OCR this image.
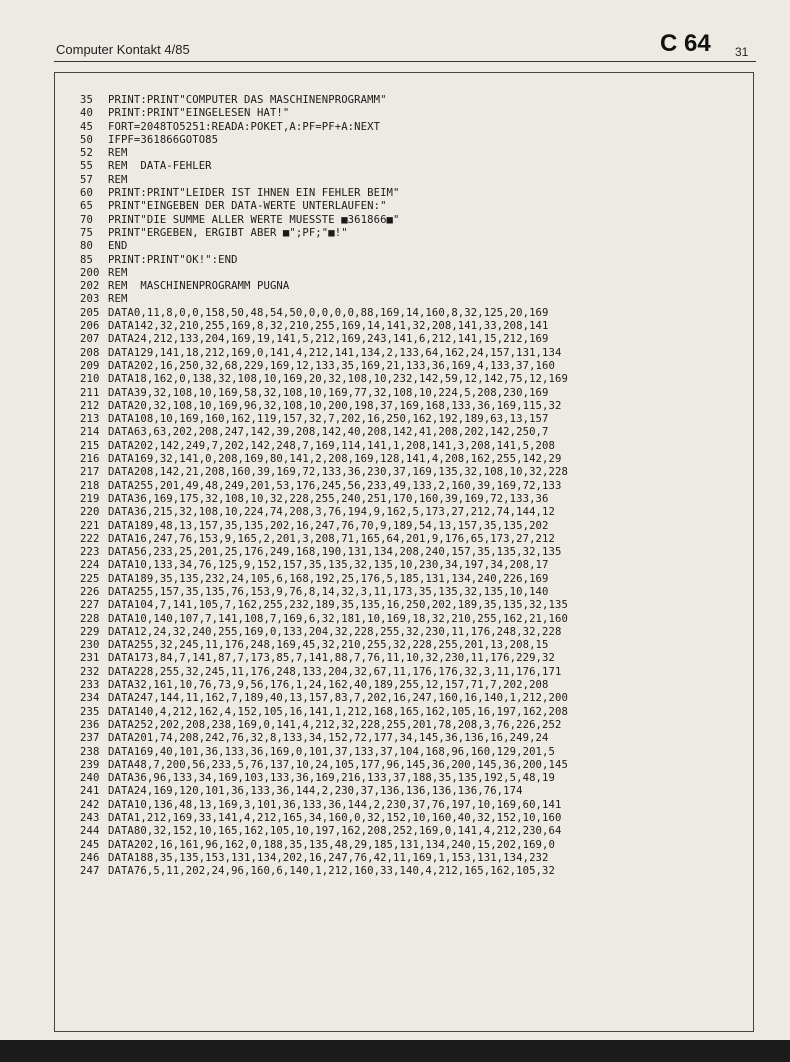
Computer Kontakt 4/85	C 64 31
35 PRINT:PRINT"COMPUTER DAS MASCHINENPROGRAMM"
40 PRINT:PRINT"EINGELESEN HAT!"
45 FORT=2048TO5251:READA:POKET,A:PF=PF+A:NEXT
50 IFPF=361866GOTO85
52 REM
55 REM  DATA-FEHLER
57 REM
60 PRINT:PRINT"LEIDER IST IHNEN EIN FEHLER BEIM"
65 PRINT"EINGEBEN DER DATA-WERTE UNTERLAUFEN:"
70 PRINT"DIE SUMME ALLER WERTE MUESSTE ■361866■"
75 PRINT"ERGEBEN, ERGIBT ABER ■";PF;"■!"
80 END
85 PRINT:PRINT"OK!":END
200 REM
202 REM  MASCHINENPROGRAMM PUGNA
203 REM
205 DATA0,11,8,0,0,158,50,48,54,50,0,0,0,0,88,169,14,160,8,32,125,20,169
206 DATA142,32,210,255,169,8,32,210,255,169,14,141,32,208,141,33,208,141
207 DATA24,212,133,204,169,19,141,5,212,169,243,141,6,212,141,15,212,169
208 DATA129,141,18,212,169,0,141,4,212,141,134,2,133,64,162,24,157,131,134
209 DATA202,16,250,32,68,229,169,12,133,35,169,21,133,36,169,4,133,37,160
210 DATA18,162,0,138,32,108,10,169,20,32,108,10,232,142,59,12,142,75,12,169
211 DATA39,32,108,10,169,58,32,108,10,169,77,32,108,10,224,5,208,230,169
212 DATA20,32,108,10,169,96,32,108,10,200,198,37,169,168,133,36,169,115,32
213 DATA108,10,169,160,162,119,157,32,7,202,16,250,162,192,189,63,13,157
214 DATA63,63,202,208,247,142,39,208,142,40,208,142,41,208,202,142,250,7
215 DATA202,142,249,7,202,142,248,7,169,114,141,1,208,141,3,208,141,5,208
216 DATA169,32,141,0,208,169,80,141,2,208,169,128,141,4,208,162,255,142,29
217 DATA208,142,21,208,160,39,169,72,133,36,230,37,169,135,32,108,10,32,228
218 DATA255,201,49,48,249,201,53,176,245,56,233,49,133,2,160,39,169,72,133
219 DATA36,169,175,32,108,10,32,228,255,240,251,170,160,39,169,72,133,36
220 DATA36,215,32,108,10,224,74,208,3,76,194,9,162,5,173,27,212,74,144,12
221 DATA189,48,13,157,35,135,202,16,247,76,70,9,189,54,13,157,35,135,202
222 DATA16,247,76,153,9,165,2,201,3,208,71,165,64,201,9,176,65,173,27,212
223 DATA56,233,25,201,25,176,249,168,190,131,134,208,240,157,35,135,32,135
224 DATA10,133,34,76,125,9,152,157,35,135,32,135,10,230,34,197,34,208,17
225 DATA189,35,135,232,24,105,6,168,192,25,176,5,185,131,134,240,226,169
226 DATA255,157,35,135,76,153,9,76,8,14,32,3,11,173,35,135,32,135,10,140
227 DATA104,7,141,105,7,162,255,232,189,35,135,16,250,202,189,35,135,32,135
228 DATA10,140,107,7,141,108,7,169,6,32,181,10,169,18,32,210,255,162,21,160
229 DATA12,24,32,240,255,169,0,133,204,32,228,255,32,230,11,176,248,32,228
230 DATA255,32,245,11,176,248,169,45,32,210,255,32,228,255,201,13,208,15
231 DATA173,84,7,141,87,7,173,85,7,141,88,7,76,11,10,32,230,11,176,229,32
232 DATA228,255,32,245,11,176,248,133,204,32,67,11,176,176,32,3,11,176,171
233 DATA32,161,10,76,73,9,56,176,1,24,162,40,189,255,12,157,71,7,202,208
234 DATA247,144,11,162,7,189,40,13,157,83,7,202,16,247,160,16,140,1,212,200
235 DATA140,4,212,162,4,152,105,16,141,1,212,168,165,162,105,16,197,162,208
236 DATA252,202,208,238,169,0,141,4,212,32,228,255,201,78,208,3,76,226,252
237 DATA201,74,208,242,76,32,8,133,34,152,72,177,34,145,36,136,16,249,24
238 DATA169,40,101,36,133,36,169,0,101,37,133,37,104,168,96,160,129,201,5
239 DATA48,7,200,56,233,5,76,137,10,24,105,177,96,145,36,200,145,36,200,145
240 DATA36,96,133,34,169,103,133,36,169,216,133,37,188,35,135,192,5,48,19
241 DATA24,169,120,101,36,133,36,144,2,230,37,136,136,136,136,76,174
242 DATA10,136,48,13,169,3,101,36,133,36,144,2,230,37,76,197,10,169,60,141
243 DATA1,212,169,33,141,4,212,165,34,160,0,32,152,10,160,40,32,152,10,160
244 DATA80,32,152,10,165,162,105,10,197,162,208,252,169,0,141,4,212,230,64
245 DATA202,16,161,96,162,0,188,35,135,48,29,185,131,134,240,15,202,169,0
246 DATA188,35,135,153,131,134,202,16,247,76,42,11,169,1,153,131,134,232
247 DATA76,5,11,202,24,96,160,6,140,1,212,160,33,140,4,212,165,162,105,32
